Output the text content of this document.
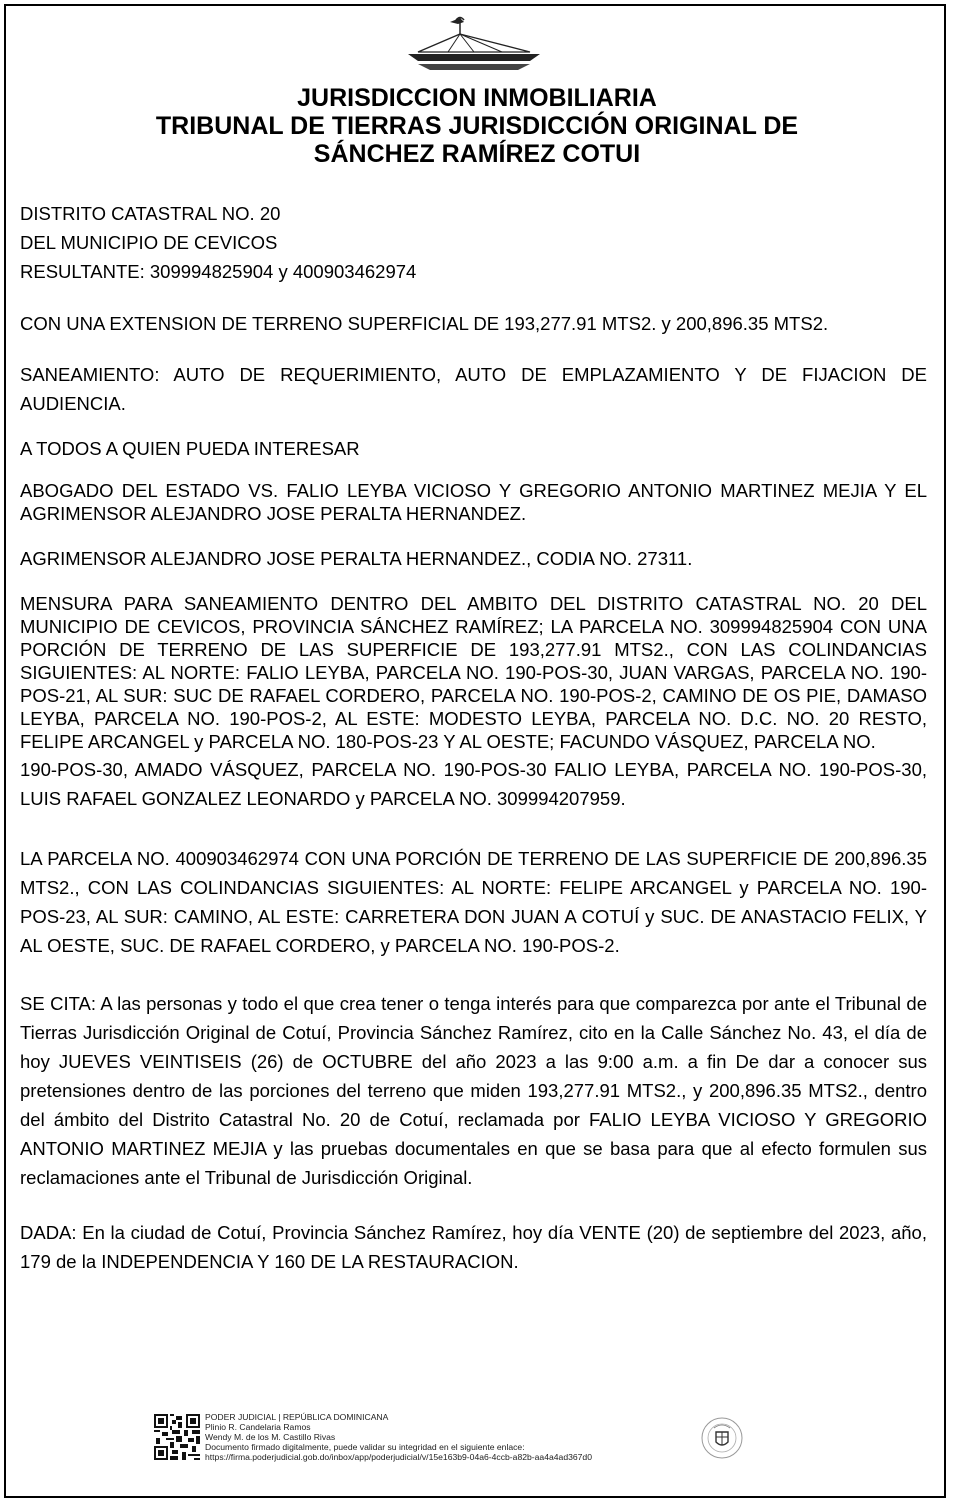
JURISDICCION INMOBILIARIA
TRIBUNAL DE TIERRAS JURISDICCIÓN ORIGINAL DE
SÁNCHEZ RAMÍREZ COTUI

DISTRITO CATASTRAL NO. 20

DEL MUNICIPIO DE CEVICOS

RESULTANTE: 309994825904 y 400903462974

CON UNA EXTENSION DE TERRENO SUPERFICIAL DE 193,277.91 MTS2. y 200,896.35 MTS2.

SANEAMIENTO: AUTO DE REQUERIMIENTO, AUTO DE EMPLAZAMIENTO Y DE FIJACION DE AUDIENCIA.

A TODOS A QUIEN PUEDA INTERESAR

ABOGADO DEL ESTADO VS. FALIO LEYBA VICIOSO Y GREGORIO ANTONIO MARTINEZ MEJIA Y EL AGRIMENSOR ALEJANDRO JOSE PERALTA HERNANDEZ.

AGRIMENSOR ALEJANDRO JOSE PERALTA HERNANDEZ., CODIA NO. 27311.

MENSURA PARA SANEAMIENTO DENTRO DEL AMBITO DEL DISTRITO CATASTRAL NO. 20 DEL MUNICIPIO DE CEVICOS, PROVINCIA SÁNCHEZ RAMÍREZ; LA PARCELA NO. 309994825904 CON UNA PORCIÓN DE TERRENO DE LAS SUPERFICIE DE 193,277.91 MTS2., CON LAS COLINDANCIAS SIGUIENTES: AL NORTE: FALIO LEYBA, PARCELA NO. 190-POS-30, JUAN VARGAS, PARCELA NO. 190-POS-21, AL SUR: SUC DE RAFAEL CORDERO, PARCELA NO. 190-POS-2, CAMINO DE OS PIE, DAMASO LEYBA, PARCELA NO. 190-POS-2, AL ESTE: MODESTO LEYBA, PARCELA NO. D.C. NO. 20 RESTO, FELIPE ARCANGEL y PARCELA NO. 180-POS-23 Y AL OESTE; FACUNDO VÁSQUEZ, PARCELA NO.

190-POS-30, AMADO VÁSQUEZ, PARCELA NO. 190-POS-30 FALIO LEYBA, PARCELA NO. 190-POS-30, LUIS RAFAEL GONZALEZ LEONARDO y PARCELA NO. 309994207959.

LA PARCELA NO. 400903462974 CON UNA PORCIÓN DE TERRENO DE LAS SUPERFICIE DE 200,896.35 MTS2., CON LAS COLINDANCIAS SIGUIENTES: AL NORTE: FELIPE ARCANGEL y PARCELA NO. 190-POS-23, AL SUR: CAMINO, AL ESTE: CARRETERA DON JUAN A COTUÍ y SUC. DE ANASTACIO FELIX, Y AL OESTE, SUC. DE RAFAEL CORDERO, y PARCELA NO. 190-POS-2.

SE CITA: A las personas y todo el que crea tener o tenga interés para que comparezca por ante el Tribunal de Tierras Jurisdicción Original de Cotuí, Provincia Sánchez Ramírez, cito en la Calle Sánchez No. 43, el día de hoy JUEVES VEINTISEIS (26) de OCTUBRE del año 2023 a las 9:00 a.m. a fin De dar a conocer sus pretensiones dentro de las porciones del terreno que miden 193,277.91 MTS2., y 200,896.35 MTS2., dentro del ámbito del Distrito Catastral No. 20 de Cotuí, reclamada por FALIO LEYBA VICIOSO Y GREGORIO ANTONIO MARTINEZ MEJIA y las pruebas documentales en que se basa para que al efecto formulen sus reclamaciones ante el Tribunal de Jurisdicción Original.

DADA: En la ciudad de Cotuí, Provincia Sánchez Ramírez, hoy día VENTE (20) de septiembre del 2023, año, 179 de la INDEPENDENCIA Y 160 DE LA RESTAURACION.

PODER JUDICIAL | REPÚBLICA DOMINICANA
Plinio R. Candelaria Ramos
Wendy M. de los M. Castillo Rivas
Documento firmado digitalmente, puede validar su integridad en el siguiente enlace:
https://firma.poderjudicial.gob.do/inbox/app/poderjudicial/v/15e163b9-04a6-4ccb-a82b-aa4a4ad367d0
